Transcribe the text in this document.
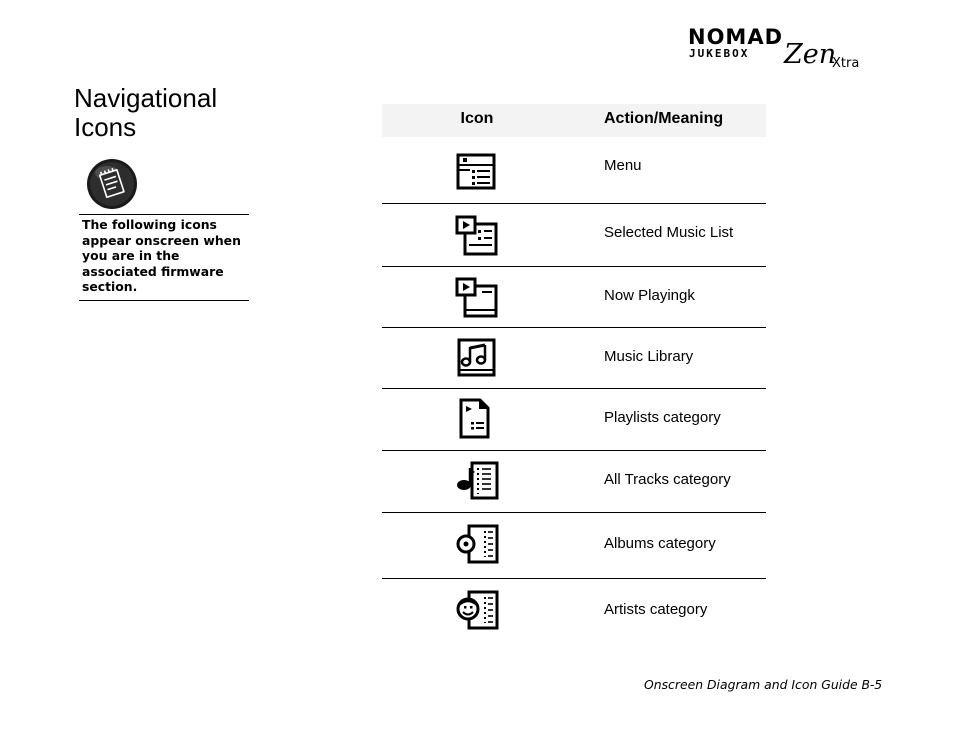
NOMAD
JUKEBOX Zen
Xtra
Navigational Icons

The following icons appear onscreen when you are in the associated firmware section.

Icon	Action/Meaning
Menu
Selected Music List
Now Playingk
Music Library
Playlists category
All Tracks category
Albums category
Artists category
Onscreen Diagram and Icon Guide B-5
